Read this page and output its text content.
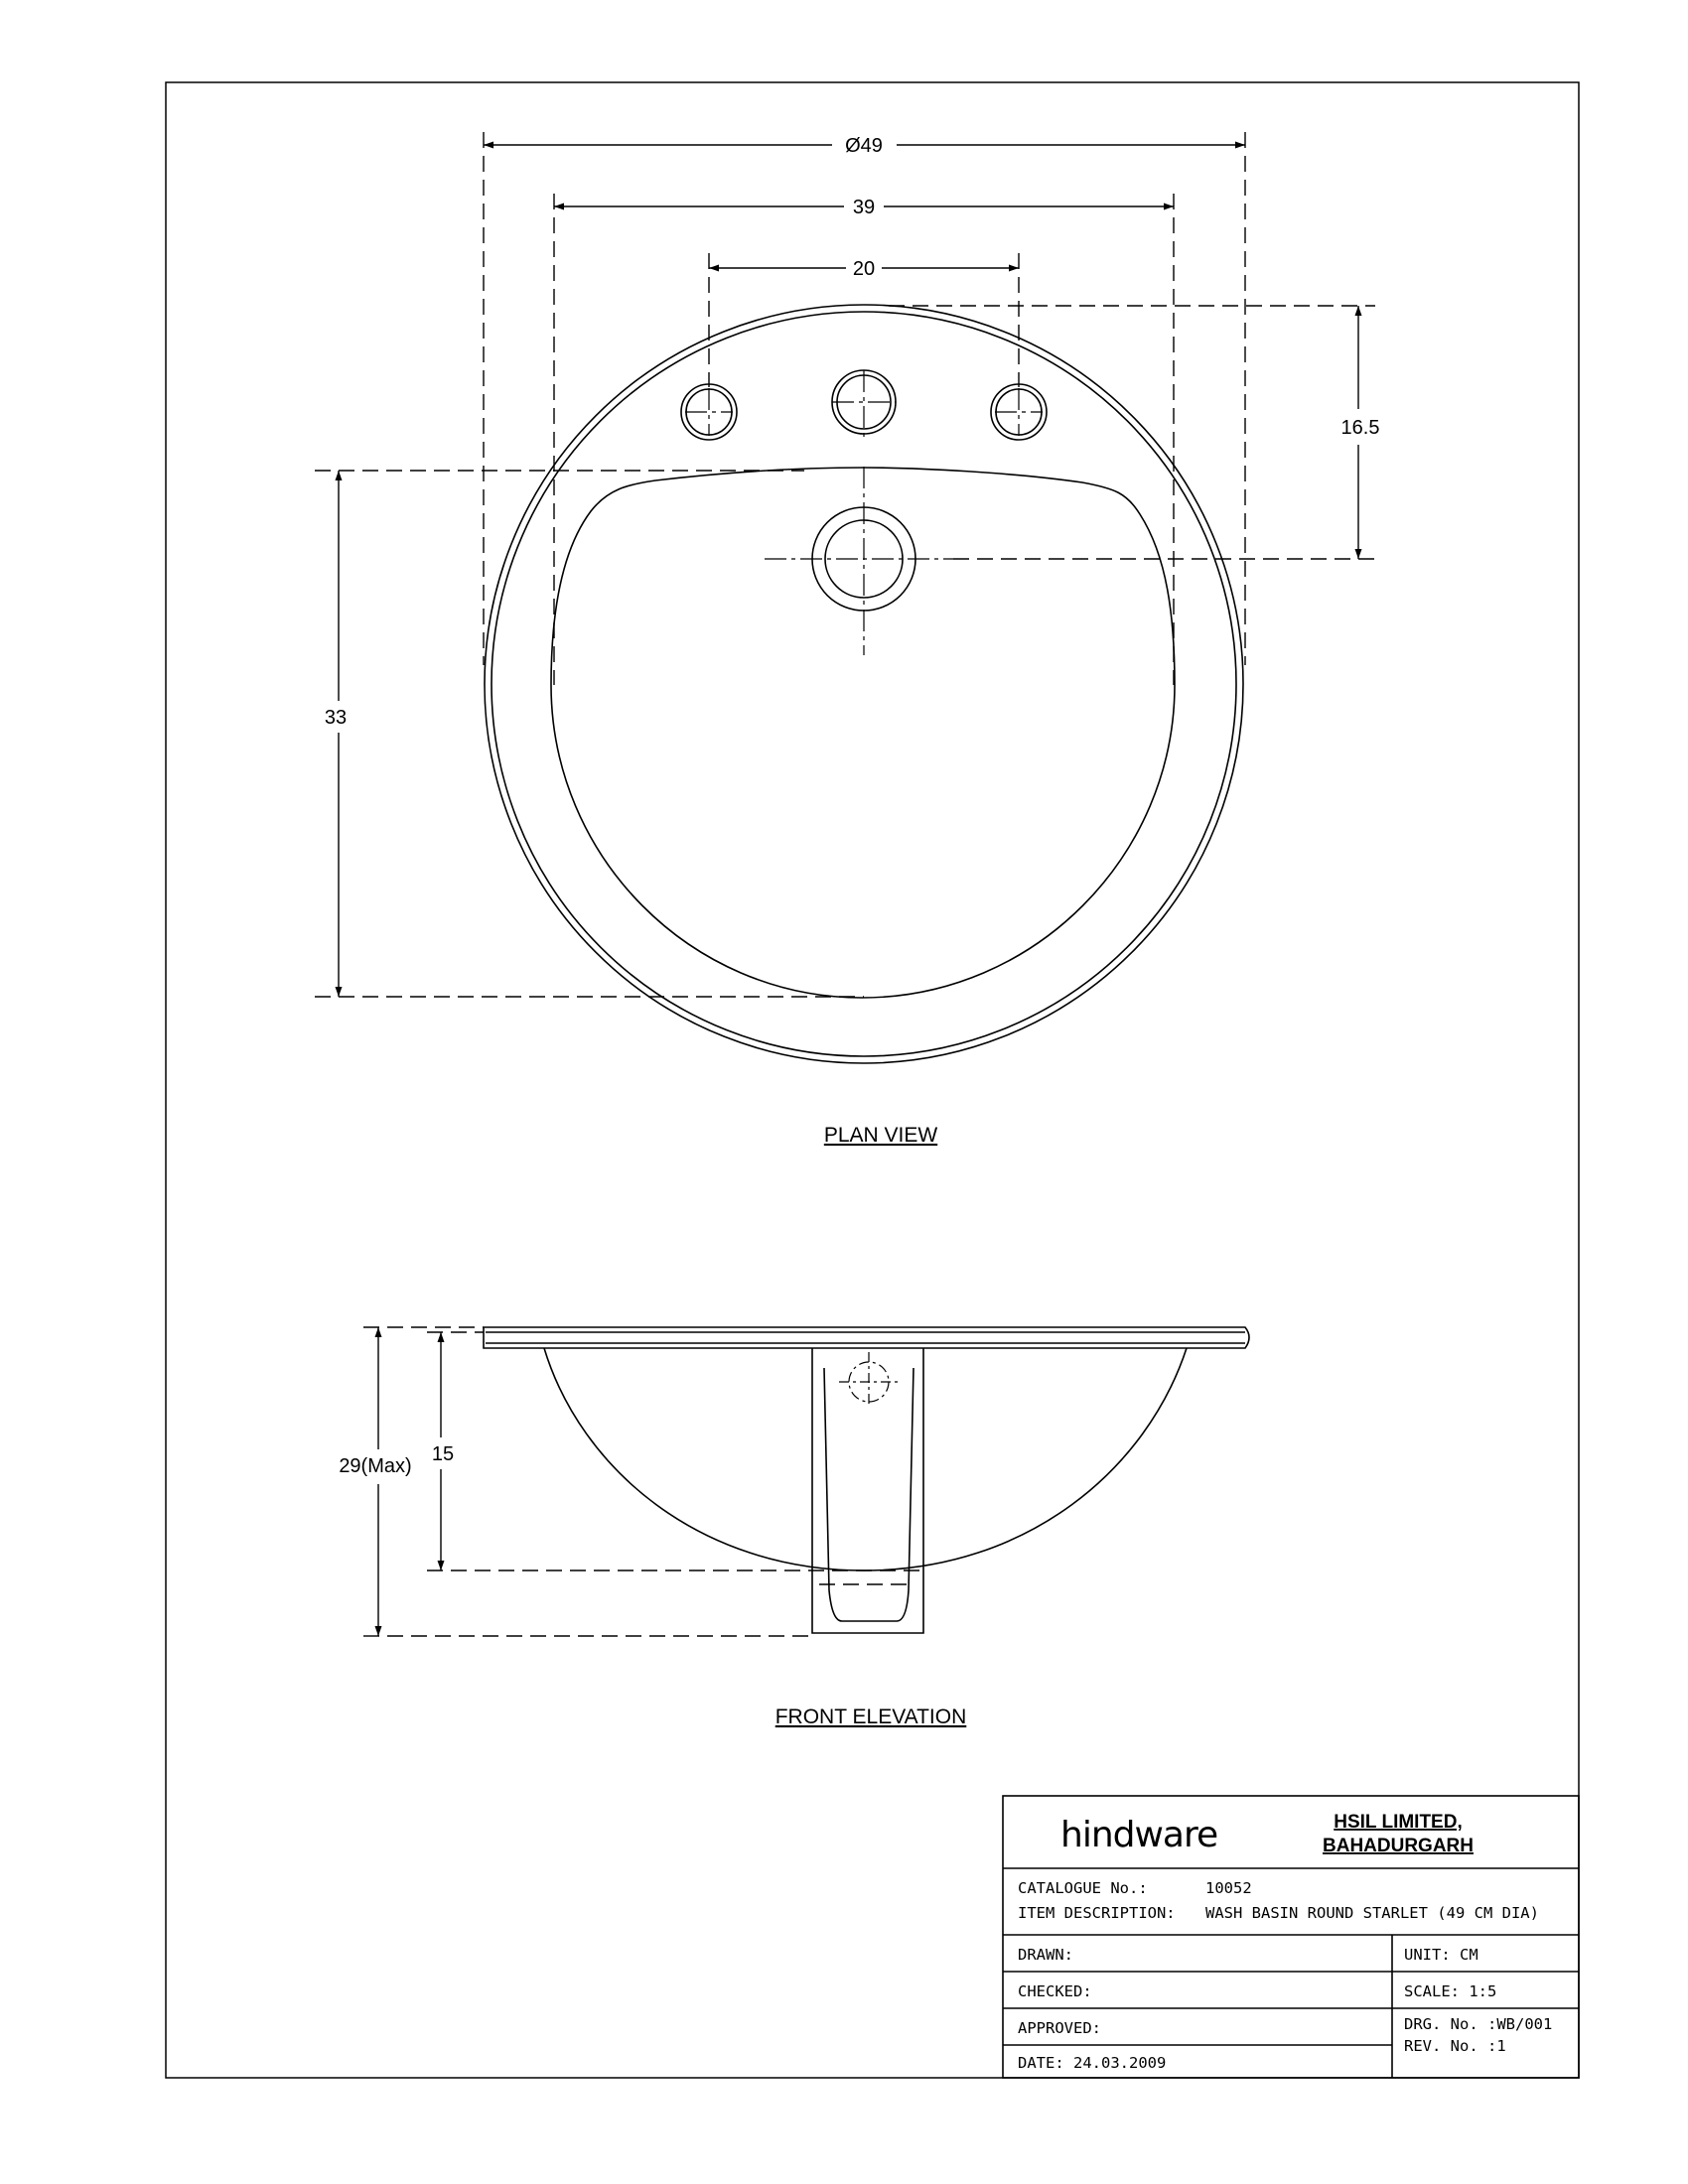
Ø49
39
20
16.5
33
PLAN VIEW
29(Max)
15
FRONT ELEVATION
hindware	HSIL LIMITED,
BAHADURGARH
CATALOGUE No.:	10052
ITEM DESCRIPTION: WASH BASIN ROUND STARLET (49 CM DIA)
DRAWN:
CHECKED:
APPROVED:
DATE: 24.03.2009
UNIT: CM
SCALE: 1:5
DRG. No. :WB/001
REV. No. :1
